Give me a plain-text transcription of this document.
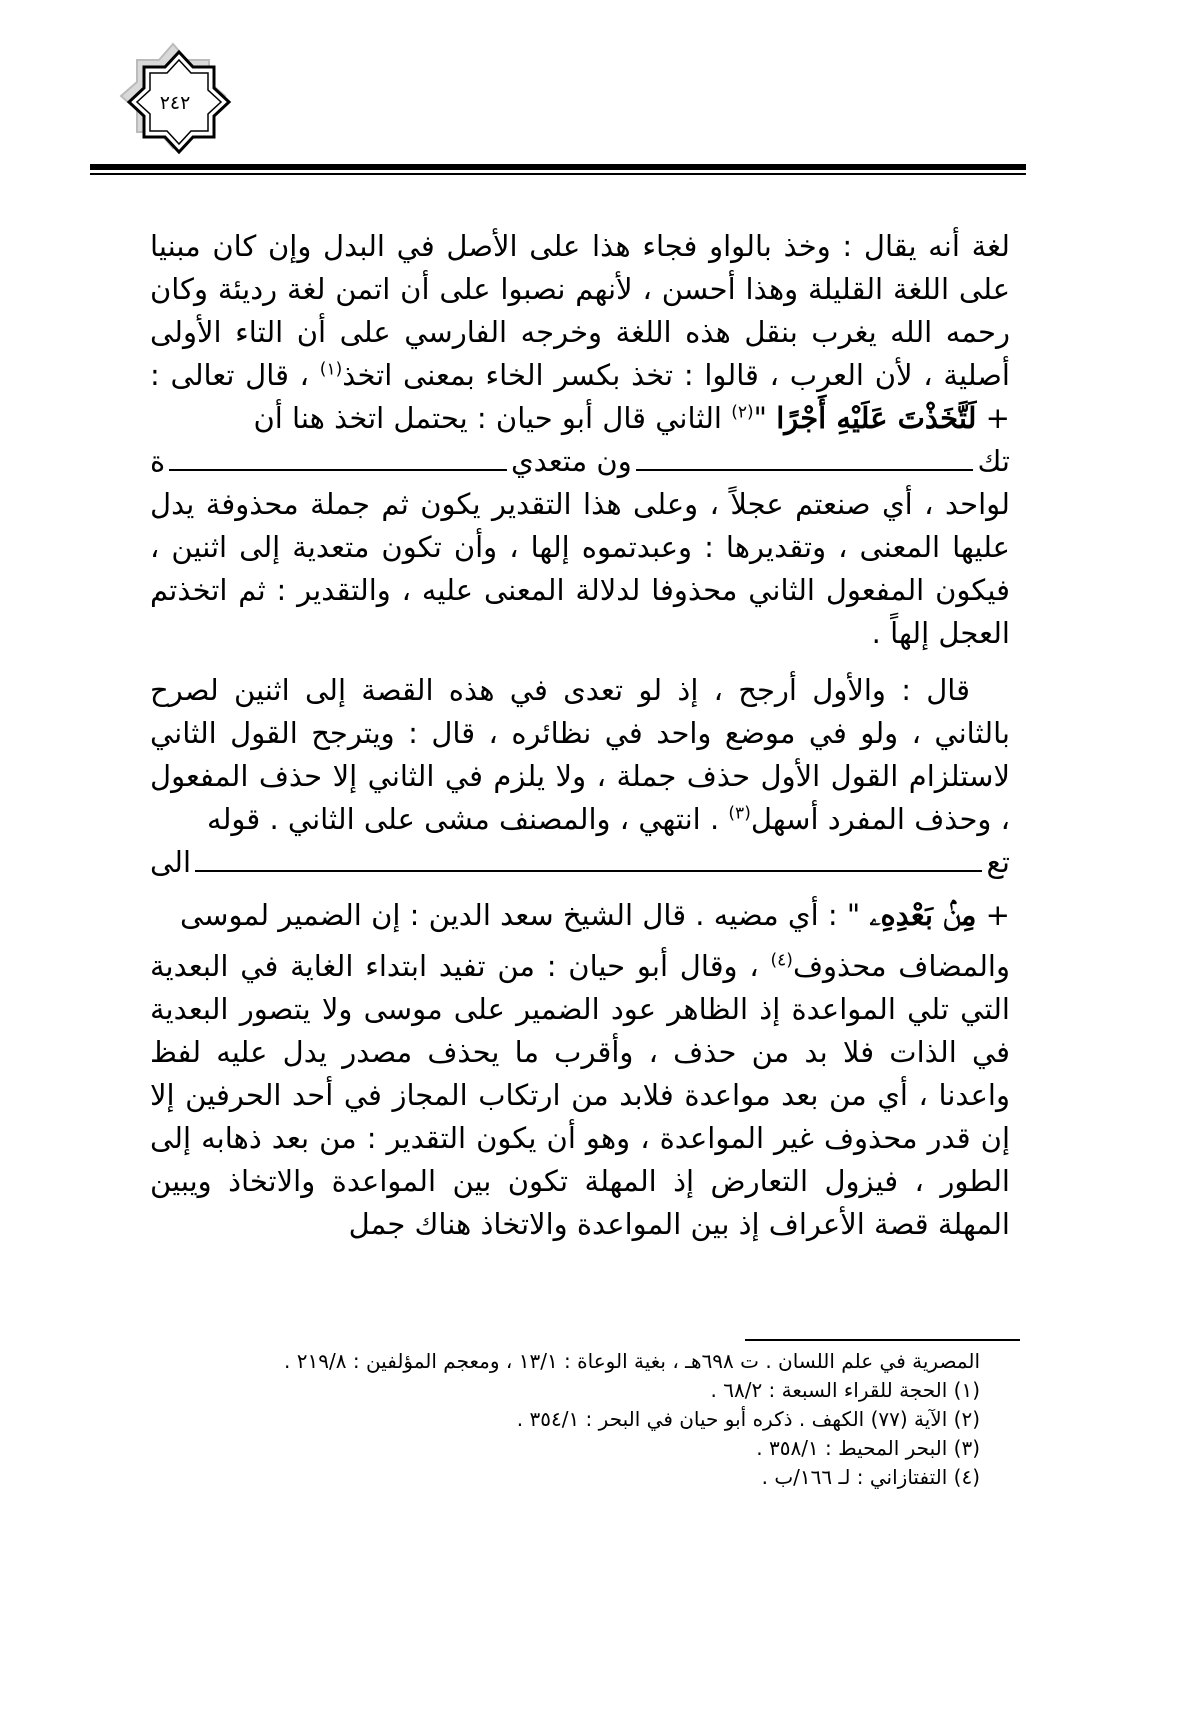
٢٤٢

لغة أنه يقال : وخذ بالواو فجاء هذا على الأصل في البدل وإن كان مبنيا على اللغة القليلة وهذا أحسن ، لأنهم نصبوا على أن اتمن لغة رديئة وكان رحمه الله يغرب بنقل هذه اللغة وخرجه الفارسي على أن التاء الأولى أصلية ، لأن العرب ، قالوا : تخذ بكسر الخاء بمعنى اتخذ$^{(١)}$ ، قال تعالى : + لَتَّخَذْتَ عَلَيْهِ أَجْرًا "$^{(٢)}$ الثاني قال أبو حيان : يحتمل اتخذ هنا أن

تك
ون متعدي
ة

لواحد ، أي صنعتم عجلاً ، وعلى هذا التقدير يكون ثم جملة محذوفة يدل عليها المعنى ، وتقديرها : وعبدتموه إلها ، وأن تكون متعدية إلى اثنين ، فيكون المفعول الثاني محذوفا لدلالة المعنى عليه ، والتقدير : ثم اتخذتم العجل إلهاً .

قال : والأول أرجح ، إذ لو تعدى في هذه القصة إلى اثنين لصرح بالثاني ، ولو في موضع واحد في نظائره ، قال : ويترجح القول الثاني لاستلزام القول الأول حذف جملة ، ولا يلزم في الثاني إلا حذف المفعول ، وحذف المفرد أسهل$^{(٣)}$ . انتهي ، والمصنف مشى على الثاني . قوله

تع
الى

+ مِنۢ بَعْدِهِۦ " : أي مضيه . قال الشيخ سعد الدين : إن الضمير لموسى

والمضاف محذوف$^{(٤)}$ ، وقال أبو حيان : من تفيد ابتداء الغاية في البعدية التي تلي المواعدة إذ الظاهر عود الضمير على موسى ولا يتصور البعدية في الذات فلا بد من حذف ، وأقرب ما يحذف مصدر يدل عليه لفظ واعدنا ، أي من بعد مواعدة فلابد من ارتكاب المجاز في أحد الحرفين إلا إن قدر محذوف غير المواعدة ، وهو أن يكون التقدير : من بعد ذهابه إلى الطور ، فيزول التعارض إذ المهلة تكون بين المواعدة والاتخاذ ويبين المهلة قصة الأعراف إذ بين المواعدة والاتخاذ هناك جمل

المصرية في علم اللسان . ت ٦٩٨هـ ، بغية الوعاة : ١٣/١ ، ومعجم المؤلفين : ٢١٩/٨ .

(١) الحجة للقراء السبعة : ٦٨/٢ .

(٢) الآية (٧٧) الكهف . ذكره أبو حيان في البحر : ٣٥٤/١ .

(٣) البحر المحيط : ٣٥٨/١ .

(٤) التفتازاني : لـ ١٦٦/ب .
